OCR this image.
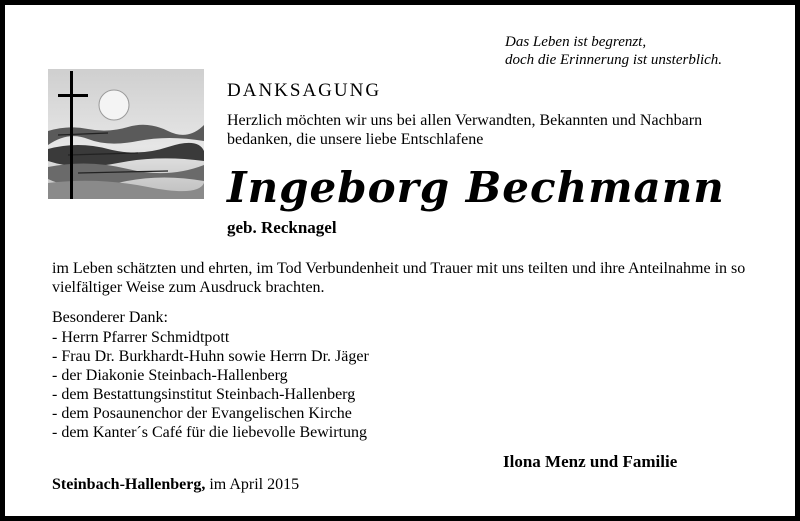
Das Leben ist begrenzt,
doch die Erinnerung ist unsterblich.
DANKSAGUNG
Herzlich möchten wir uns bei allen Verwandten, Bekannten und Nachbarn bedanken, die unsere liebe Entschlafene
Ingeborg Bechmann
geb. Recknagel
im Leben schätzten und ehrten, im Tod Verbundenheit und Trauer mit uns teilten und ihre Anteilnahme in so vielfältiger Weise zum Ausdruck brachten.
Besonderer Dank:
- Herrn Pfarrer Schmidtpott
- Frau Dr. Burkhardt-Huhn sowie Herrn Dr. Jäger
- der Diakonie Steinbach-Hallenberg
- dem Bestattungsinstitut Steinbach-Hallenberg
- dem Posaunenchor der Evangelischen Kirche
- dem Kanter´s Café für die liebevolle Bewirtung
Ilona Menz und Familie
Steinbach-Hallenberg, im April 2015
